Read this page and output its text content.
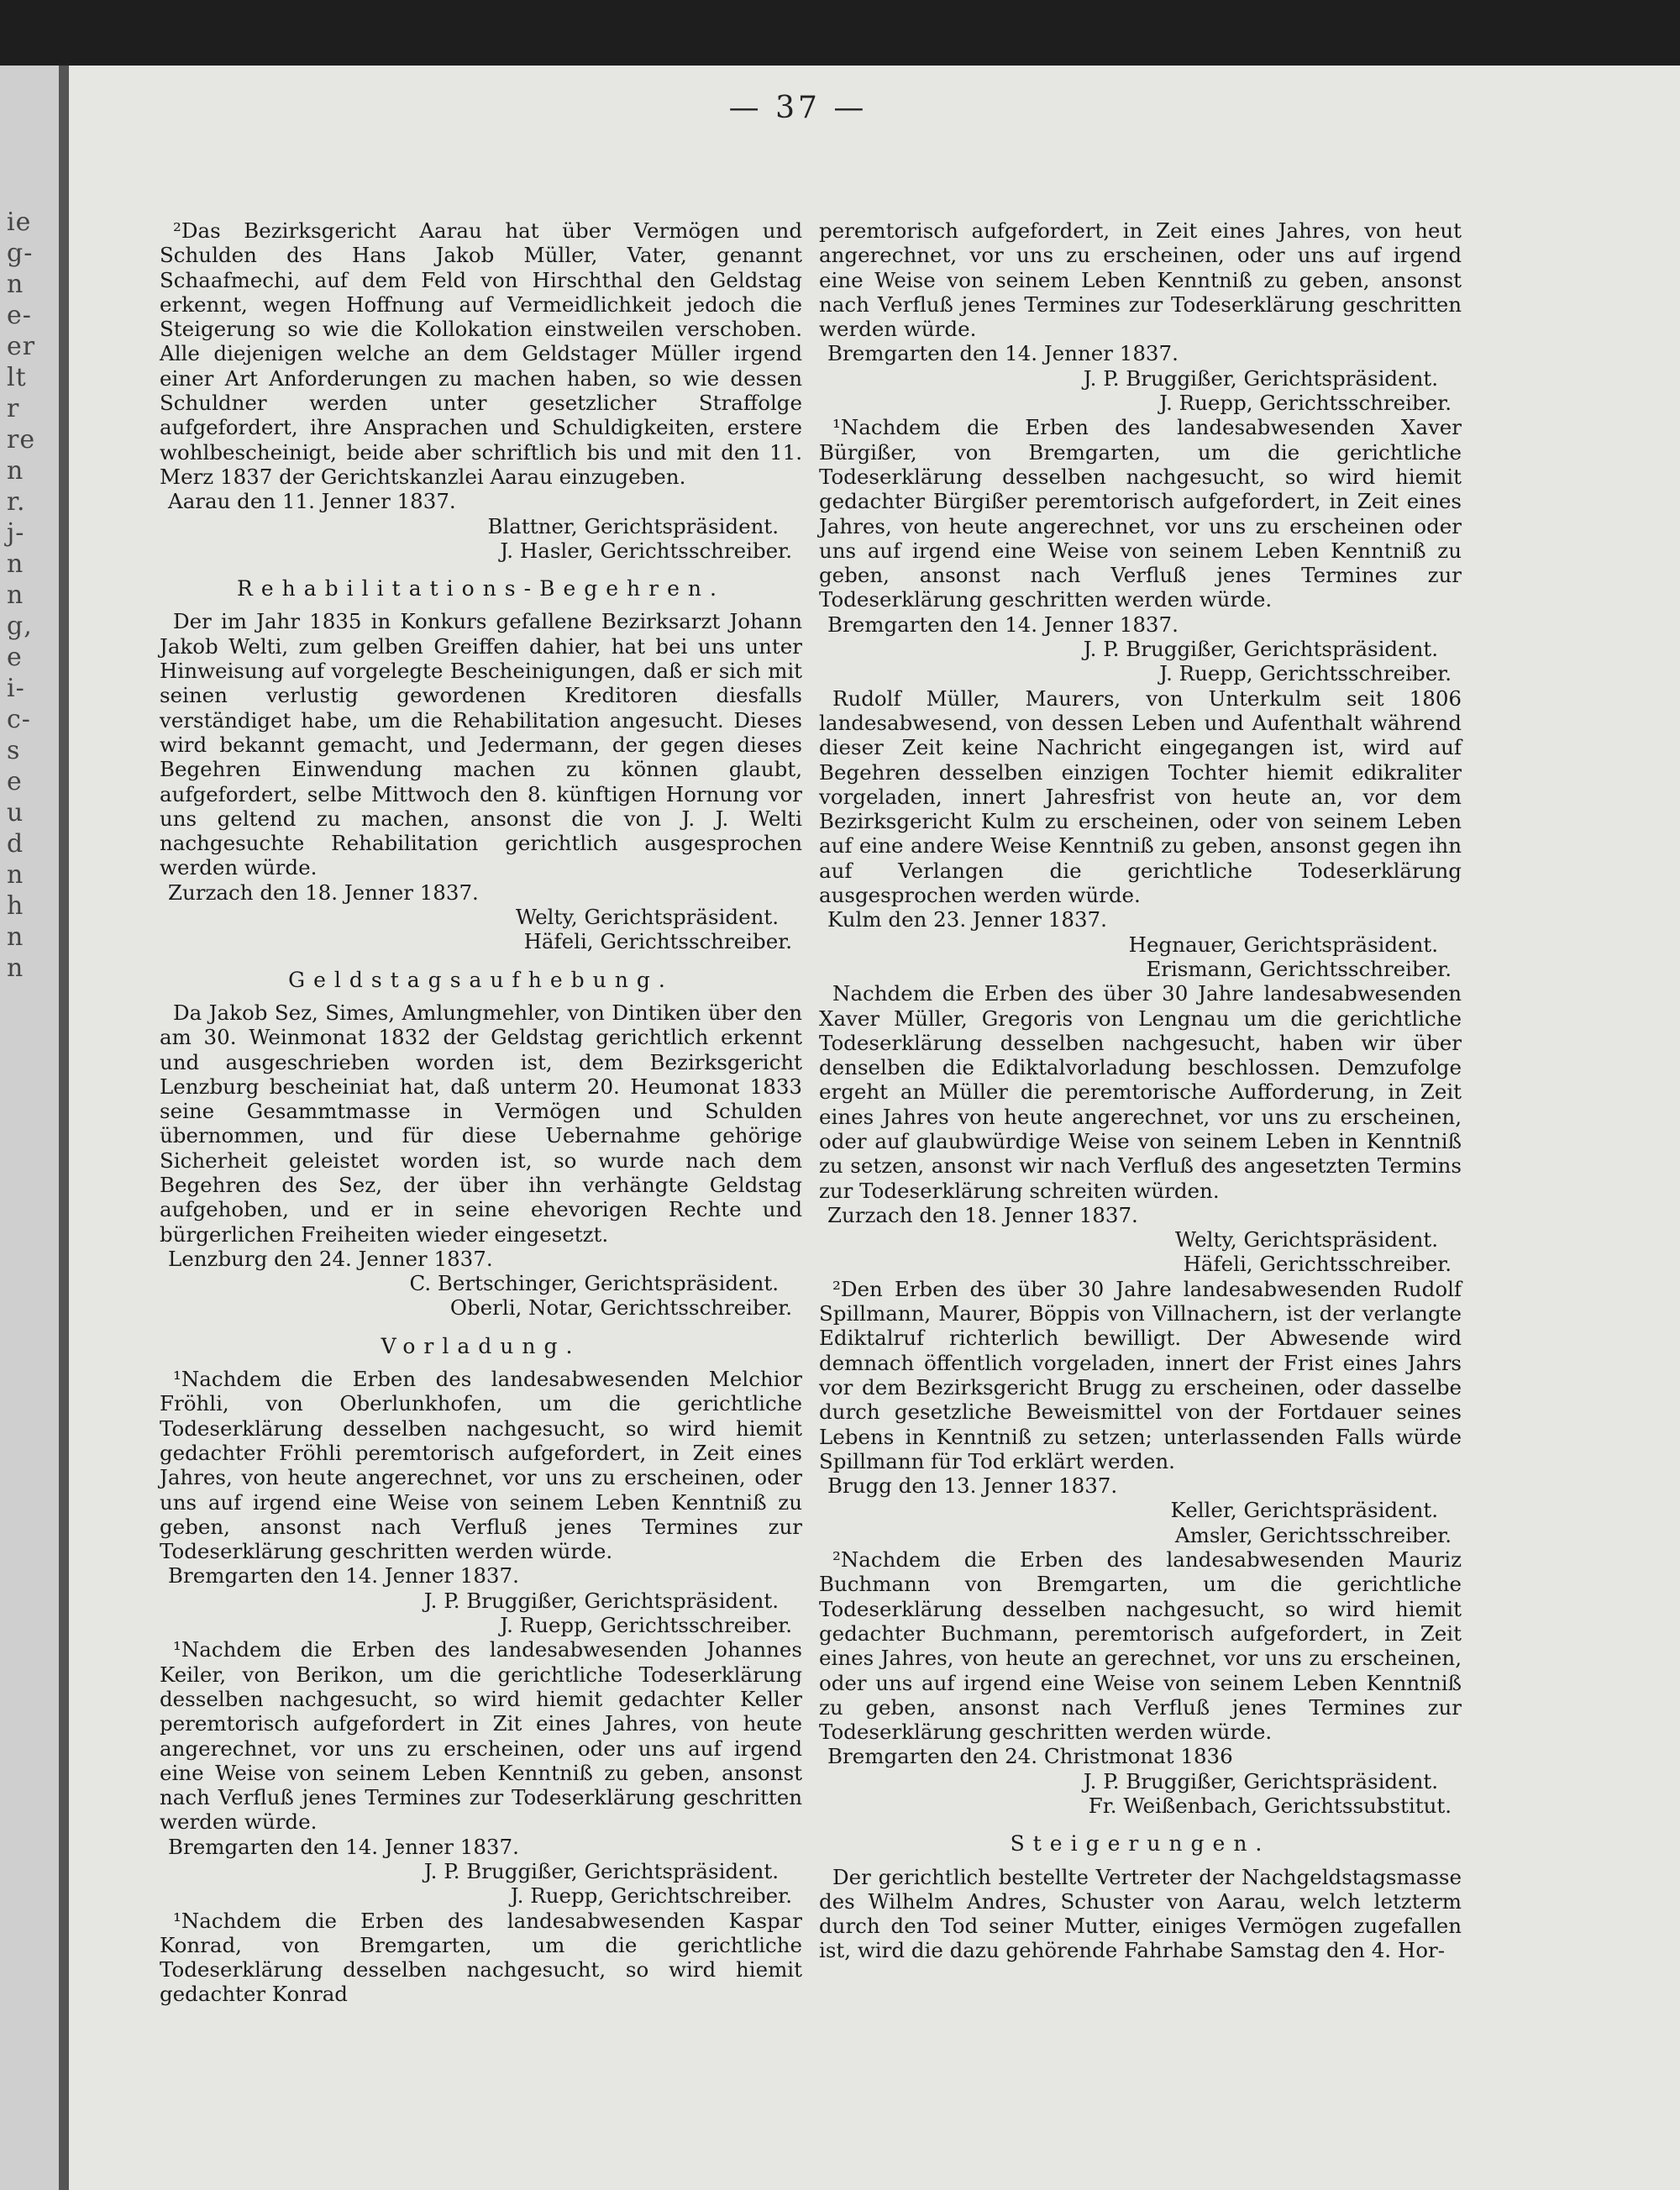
ie
g-
n
e-
er
lt
r
re
n
r.
j-
n
n
g,
e
i-
c-
s
e
u
d
n
h
n
n
— 37 —

²Das Bezirksgericht Aarau hat über Vermögen und Schulden des Hans Jakob Müller, Vater, genannt Schaafmechi, auf dem Feld von Hirschthal den Geldstag erkennt, wegen Hoffnung auf Vermeidlichkeit jedoch die Steigerung so wie die Kollokation einstweilen verschoben. Alle diejenigen welche an dem Geldstager Müller irgend einer Art Anforderungen zu machen haben, so wie dessen Schuldner werden unter gesetzlicher Straffolge aufgefordert, ihre Ansprachen und Schuldigkeiten, erstere wohlbescheinigt, beide aber schriftlich bis und mit den 11. Merz 1837 der Gerichtskanzlei Aarau einzugeben.

Aarau den 11. Jenner 1837.

Blattner, Gerichtspräsident.

J. Hasler, Gerichtsschreiber.

Rehabilitations-Begehren.

Der im Jahr 1835 in Konkurs gefallene Bezirksarzt Johann Jakob Welti, zum gelben Greiffen dahier, hat bei uns unter Hinweisung auf vorgelegte Bescheinigungen, daß er sich mit seinen verlustig gewordenen Kreditoren diesfalls verständiget habe, um die Rehabilitation angesucht. Dieses wird bekannt gemacht, und Jedermann, der gegen dieses Begehren Einwendung machen zu können glaubt, aufgefordert, selbe Mittwoch den 8. künftigen Hornung vor uns geltend zu machen, ansonst die von J. J. Welti nachgesuchte Rehabilitation gerichtlich ausgesprochen werden würde.

Zurzach den 18. Jenner 1837.

Welty, Gerichtspräsident.

Häfeli, Gerichtsschreiber.

Geldstagsaufhebung.

Da Jakob Sez, Simes, Amlungmehler, von Dintiken über den am 30. Weinmonat 1832 der Geldstag gerichtlich erkennt und ausgeschrieben worden ist, dem Bezirksgericht Lenzburg bescheiniat hat, daß unterm 20. Heumonat 1833 seine Gesammtmasse in Vermögen und Schulden übernommen, und für diese Uebernahme gehörige Sicherheit geleistet worden ist, so wurde nach dem Begehren des Sez, der über ihn verhängte Geldstag aufgehoben, und er in seine ehevorigen Rechte und bürgerlichen Freiheiten wieder eingesetzt.

Lenzburg den 24. Jenner 1837.

C. Bertschinger, Gerichtspräsident.

Oberli, Notar, Gerichtsschreiber.

Vorladung.

¹Nachdem die Erben des landesabwesenden Melchior Fröhli, von Oberlunkhofen, um die gerichtliche Todeserklärung desselben nachgesucht, so wird hiemit gedachter Fröhli peremtorisch aufgefordert, in Zeit eines Jahres, von heute angerechnet, vor uns zu erscheinen, oder uns auf irgend eine Weise von seinem Leben Kenntniß zu geben, ansonst nach Verfluß jenes Termines zur Todeserklärung geschritten werden würde.

Bremgarten den 14. Jenner 1837.

J. P. Bruggißer, Gerichtspräsident.

J. Ruepp, Gerichtsschreiber.

¹Nachdem die Erben des landesabwesenden Johannes Keiler, von Berikon, um die gerichtliche Todeserklärung desselben nachgesucht, so wird hiemit gedachter Keller peremtorisch aufgefordert in Zit eines Jahres, von heute angerechnet, vor uns zu erscheinen, oder uns auf irgend eine Weise von seinem Leben Kenntniß zu geben, ansonst nach Verfluß jenes Termines zur Todeserklärung geschritten werden würde.

Bremgarten den 14. Jenner 1837.

J. P. Bruggißer, Gerichtspräsident.

J. Ruepp, Gerichtschreiber.

¹Nachdem die Erben des landesabwesenden Kaspar Konrad, von Bremgarten, um die gerichtliche Todeserklärung desselben nachgesucht, so wird hiemit gedachter Konrad

peremtorisch aufgefordert, in Zeit eines Jahres, von heut angerechnet, vor uns zu erscheinen, oder uns auf irgend eine Weise von seinem Leben Kenntniß zu geben, ansonst nach Verfluß jenes Termines zur Todeserklärung geschritten werden würde.

Bremgarten den 14. Jenner 1837.

J. P. Bruggißer, Gerichtspräsident.

J. Ruepp, Gerichtsschreiber.

¹Nachdem die Erben des landesabwesenden Xaver Bürgißer, von Bremgarten, um die gerichtliche Todeserklärung desselben nachgesucht, so wird hiemit gedachter Bürgißer peremtorisch aufgefordert, in Zeit eines Jahres, von heute angerechnet, vor uns zu erscheinen oder uns auf irgend eine Weise von seinem Leben Kenntniß zu geben, ansonst nach Verfluß jenes Termines zur Todeserklärung geschritten werden würde.

Bremgarten den 14. Jenner 1837.

J. P. Bruggißer, Gerichtspräsident.

J. Ruepp, Gerichtsschreiber.

Rudolf Müller, Maurers, von Unterkulm seit 1806 landesabwesend, von dessen Leben und Aufenthalt während dieser Zeit keine Nachricht eingegangen ist, wird auf Begehren desselben einzigen Tochter hiemit edikraliter vorgeladen, innert Jahresfrist von heute an, vor dem Bezirksgericht Kulm zu erscheinen, oder von seinem Leben auf eine andere Weise Kenntniß zu geben, ansonst gegen ihn auf Verlangen die gerichtliche Todeserklärung ausgesprochen werden würde.

Kulm den 23. Jenner 1837.

Hegnauer, Gerichtspräsident.

Erismann, Gerichtsschreiber.

Nachdem die Erben des über 30 Jahre landesabwesenden Xaver Müller, Gregoris von Lengnau um die gerichtliche Todeserklärung desselben nachgesucht, haben wir über denselben die Ediktalvorladung beschlossen. Demzufolge ergeht an Müller die peremtorische Aufforderung, in Zeit eines Jahres von heute angerechnet, vor uns zu erscheinen, oder auf glaubwürdige Weise von seinem Leben in Kenntniß zu setzen, ansonst wir nach Verfluß des angesetzten Termins zur Todeserklärung schreiten würden.

Zurzach den 18. Jenner 1837.

Welty, Gerichtspräsident.

Häfeli, Gerichtsschreiber.

²Den Erben des über 30 Jahre landesabwesenden Rudolf Spillmann, Maurer, Böppis von Villnachern, ist der verlangte Ediktalruf richterlich bewilligt. Der Abwesende wird demnach öffentlich vorgeladen, innert der Frist eines Jahrs vor dem Bezirksgericht Brugg zu erscheinen, oder dasselbe durch gesetzliche Beweismittel von der Fortdauer seines Lebens in Kenntniß zu setzen; unterlassenden Falls würde Spillmann für Tod erklärt werden.

Brugg den 13. Jenner 1837.

Keller, Gerichtspräsident.

Amsler, Gerichtsschreiber.

²Nachdem die Erben des landesabwesenden Mauriz Buchmann von Bremgarten, um die gerichtliche Todeserklärung desselben nachgesucht, so wird hiemit gedachter Buchmann, peremtorisch aufgefordert, in Zeit eines Jahres, von heute an gerechnet, vor uns zu erscheinen, oder uns auf irgend eine Weise von seinem Leben Kenntniß zu geben, ansonst nach Verfluß jenes Termines zur Todeserklärung geschritten werden würde.

Bremgarten den 24. Christmonat 1836

J. P. Bruggißer, Gerichtspräsident.

Fr. Weißenbach, Gerichtssubstitut.

Steigerungen.

Der gerichtlich bestellte Vertreter der Nachgeldstagsmasse des Wilhelm Andres, Schuster von Aarau, welch letzterm durch den Tod seiner Mutter, einiges Vermögen zugefallen ist, wird die dazu gehörende Fahrhabe Samstag den 4. Hor-
